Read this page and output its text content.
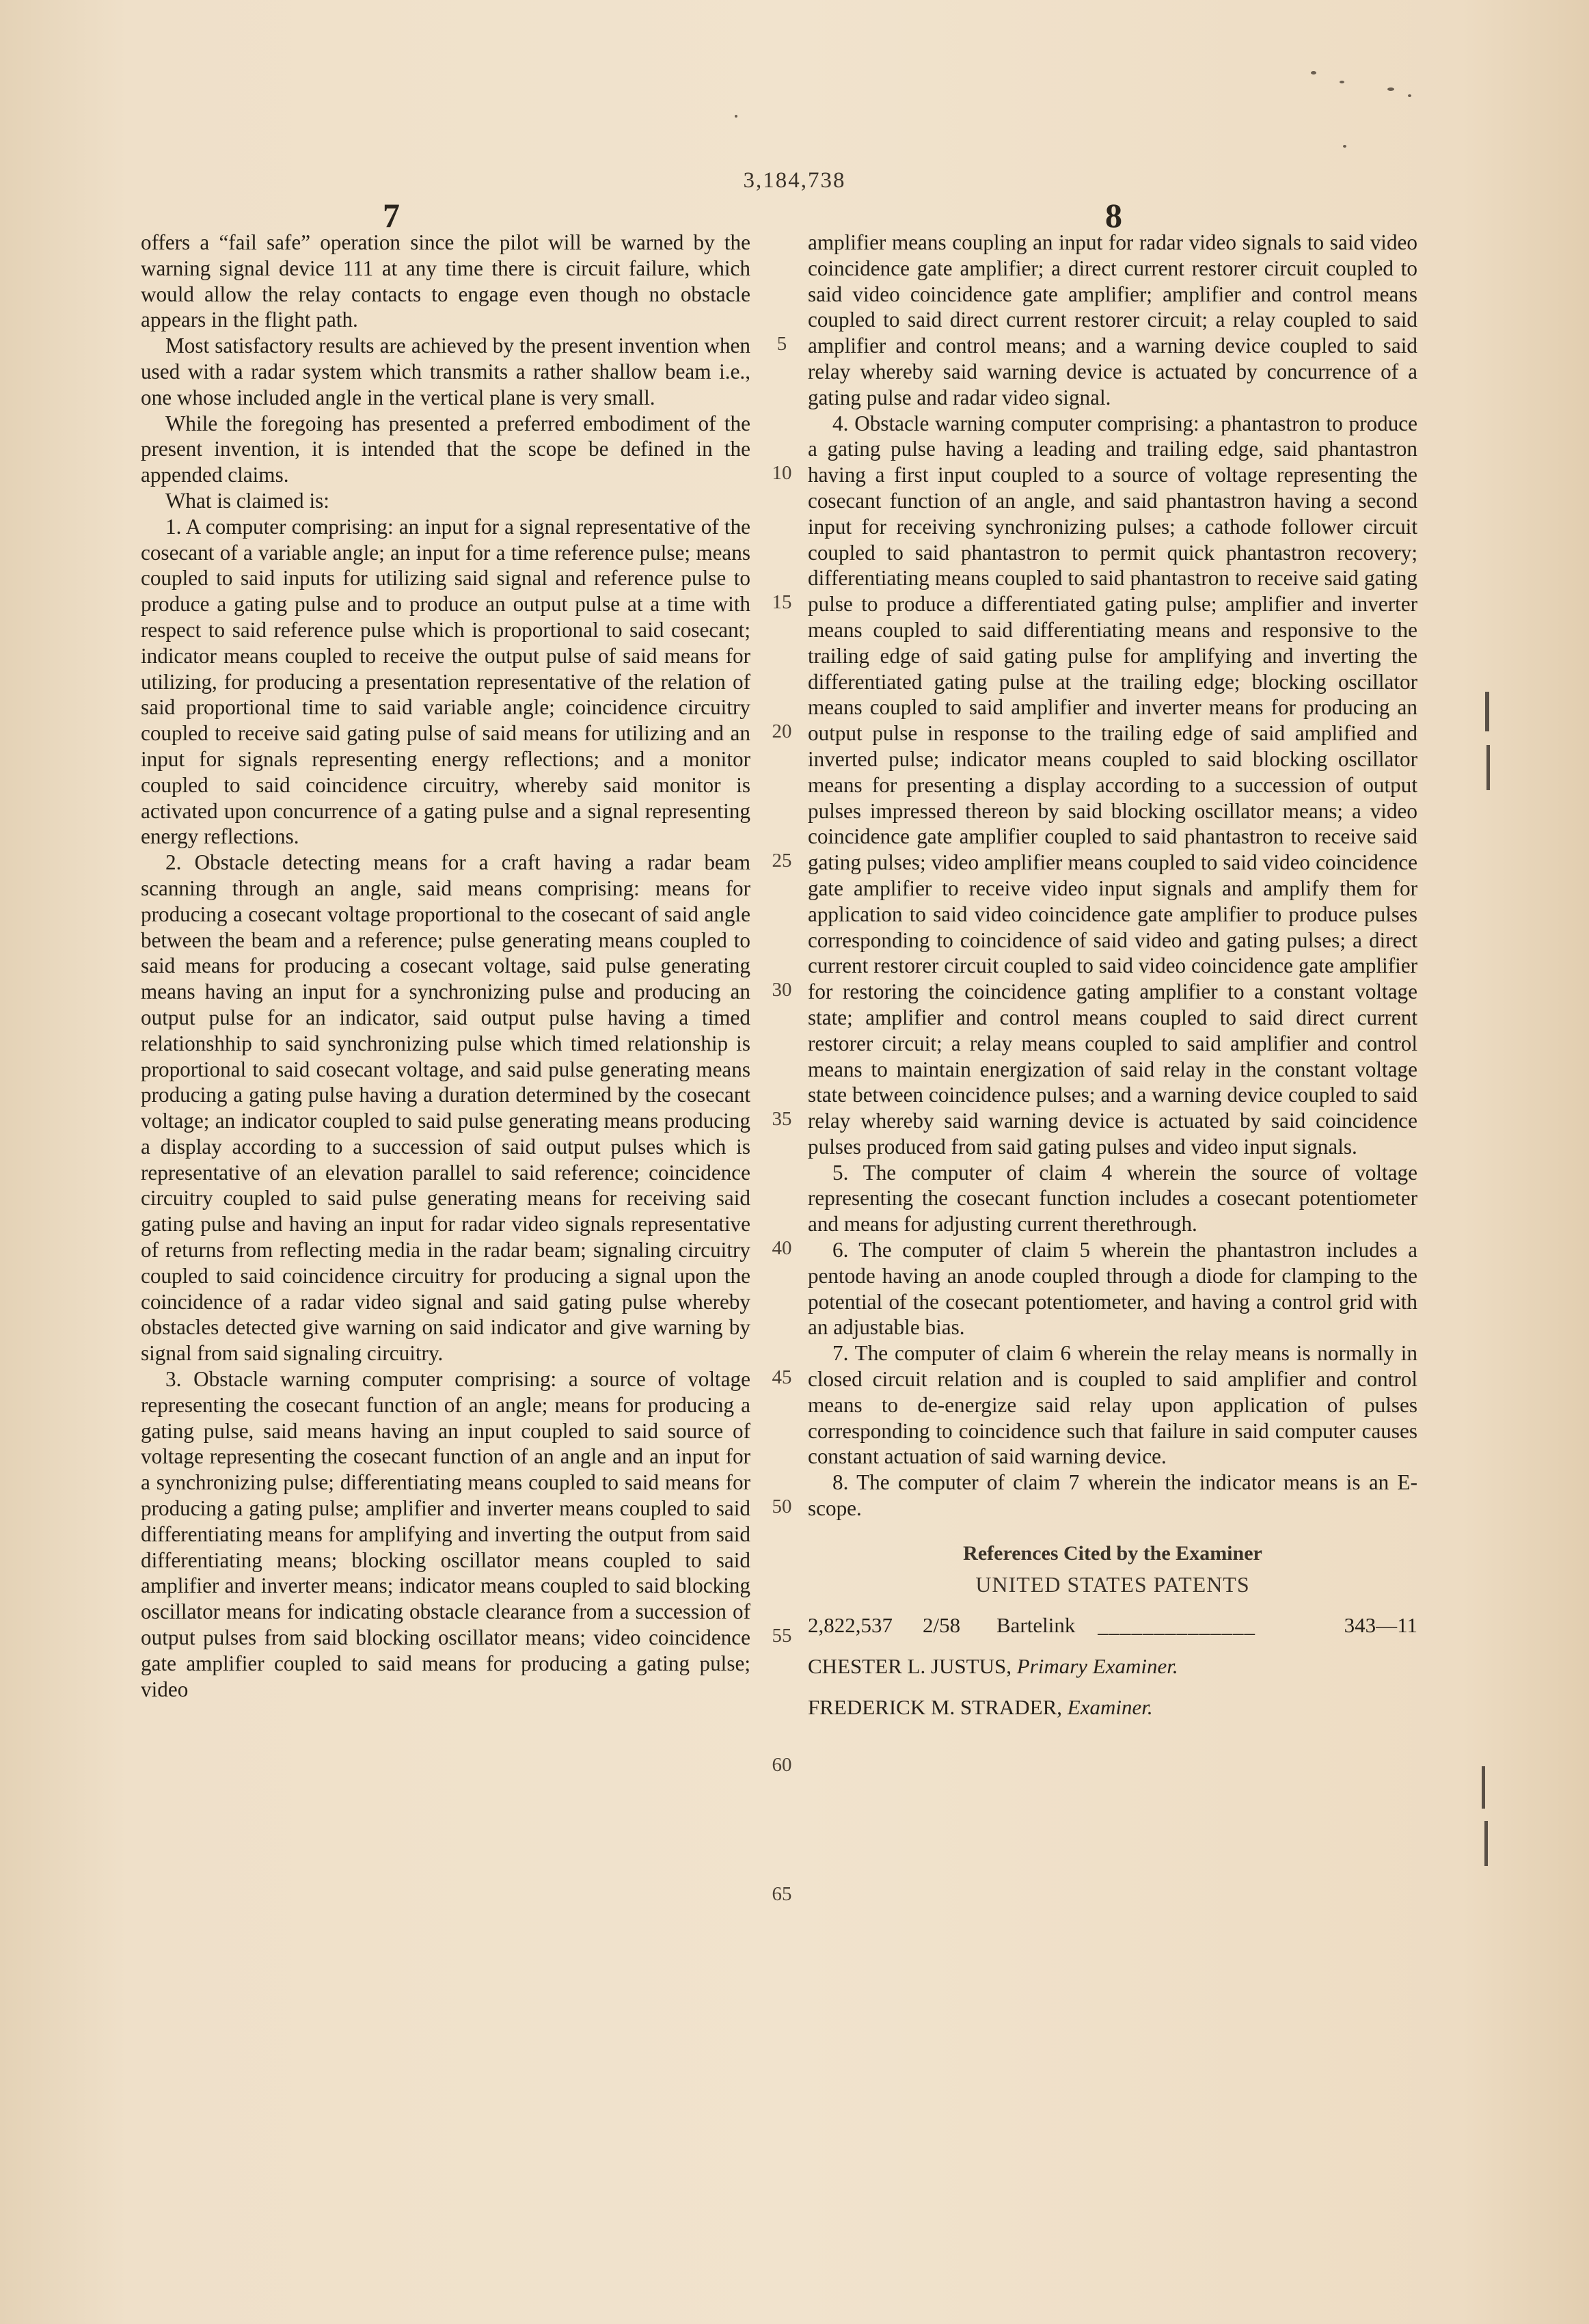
3,184,738
7	8

offers a “fail safe” operation since the pilot will be warned by the warning signal device 111 at any time there is circuit failure, which would allow the relay contacts to engage even though no obstacle appears in the flight path.

Most satisfactory results are achieved by the present invention when used with a radar system which transmits a rather shallow beam i.e., one whose included angle in the vertical plane is very small.

While the foregoing has presented a preferred embodiment of the present invention, it is intended that the scope be defined in the appended claims.

What is claimed is:

1. A computer comprising: an input for a signal representative of the cosecant of a variable angle; an input for a time reference pulse; means coupled to said inputs for utilizing said signal and reference pulse to produce a gating pulse and to produce an output pulse at a time with respect to said reference pulse which is proportional to said cosecant; indicator means coupled to receive the output pulse of said means for utilizing, for producing a presentation representative of the relation of said proportional time to said variable angle; coincidence circuitry coupled to receive said gating pulse of said means for utilizing and an input for signals representing energy reflections; and a monitor coupled to said coincidence circuitry, whereby said monitor is activated upon concurrence of a gating pulse and a signal representing energy reflections.

2. Obstacle detecting means for a craft having a radar beam scanning through an angle, said means comprising: means for producing a cosecant voltage proportional to the cosecant of said angle between the beam and a reference; pulse generating means coupled to said means for producing a cosecant voltage, said pulse generating means having an input for a synchronizing pulse and producing an output pulse for an indicator, said output pulse having a timed relationshhip to said synchronizing pulse which timed relationship is proportional to said cosecant voltage, and said pulse generating means producing a gating pulse having a duration determined by the cosecant voltage; an indicator coupled to said pulse generating means producing a display according to a succession of said output pulses which is representative of an elevation parallel to said reference; coincidence circuitry coupled to said pulse generating means for receiving said gating pulse and having an input for radar video signals representative of returns from reflecting media in the radar beam; signaling circuitry coupled to said coincidence circuitry for producing a signal upon the coincidence of a radar video signal and said gating pulse whereby obstacles detected give warning on said indicator and give warning by signal from said signaling circuitry.

3. Obstacle warning computer comprising: a source of voltage representing the cosecant function of an angle; means for producing a gating pulse, said means having an input coupled to said source of voltage representing the cosecant function of an angle and an input for a synchronizing pulse; differentiating means coupled to said means for producing a gating pulse; amplifier and inverter means coupled to said differentiating means for amplifying and inverting the output from said differentiating means; blocking oscillator means coupled to said amplifier and inverter means; indicator means coupled to said blocking oscillator means for indicating obstacle clearance from a succession of output pulses from said blocking oscillator means; video coincidence gate amplifier coupled to said means for producing a gating pulse; video

5
10
15
20
25
30
35
40
45
50
55
60
65

amplifier means coupling an input for radar video signals to said video coincidence gate amplifier; a direct current restorer circuit coupled to said video coincidence gate amplifier; amplifier and control means coupled to said direct current restorer circuit; a relay coupled to said amplifier and control means; and a warning device coupled to said relay whereby said warning device is actuated by concurrence of a gating pulse and radar video signal.

4. Obstacle warning computer comprising: a phantastron to produce a gating pulse having a leading and trailing edge, said phantastron having a first input coupled to a source of voltage representing the cosecant function of an angle, and said phantastron having a second input for receiving synchronizing pulses; a cathode follower circuit coupled to said phantastron to permit quick phantastron recovery; differentiating means coupled to said phantastron to receive said gating pulse to produce a differentiated gating pulse; amplifier and inverter means coupled to said differentiating means and responsive to the trailing edge of said gating pulse for amplifying and inverting the differentiated gating pulse at the trailing edge; blocking oscillator means coupled to said amplifier and inverter means for producing an output pulse in response to the trailing edge of said amplified and inverted pulse; indicator means coupled to said blocking oscillator means for presenting a display according to a succession of output pulses impressed thereon by said blocking oscillator means; a video coincidence gate amplifier coupled to said phantastron to receive said gating pulses; video amplifier means coupled to said video coincidence gate amplifier to receive video input signals and amplify them for application to said video coincidence gate amplifier to produce pulses corresponding to coincidence of said video and gating pulses; a direct current restorer circuit coupled to said video coincidence gate amplifier for restoring the coincidence gating amplifier to a constant voltage state; amplifier and control means coupled to said direct current restorer circuit; a relay means coupled to said amplifier and control means to maintain energization of said relay in the constant voltage state between coincidence pulses; and a warning device coupled to said relay whereby said warning device is actuated by said coincidence pulses produced from said gating pulses and video input signals.

5. The computer of claim 4 wherein the source of voltage representing the cosecant function includes a cosecant potentiometer and means for adjusting current therethrough.

6. The computer of claim 5 wherein the phantastron includes a pentode having an anode coupled through a diode for clamping to the potential of the cosecant potentiometer, and having a control grid with an adjustable bias.

7. The computer of claim 6 wherein the relay means is normally in closed circuit relation and is coupled to said amplifier and control means to de-energize said relay upon application of pulses corresponding to coincidence such that failure in said computer causes constant actuation of said warning device.

8. The computer of claim 7 wherein the indicator means is an E-scope.

References Cited by the Examiner
UNITED STATES PATENTS
2,822,537	2/58	Bartelink	______________	343—11
CHESTER L. JUSTUS, Primary Examiner.
FREDERICK M. STRADER, Examiner.
